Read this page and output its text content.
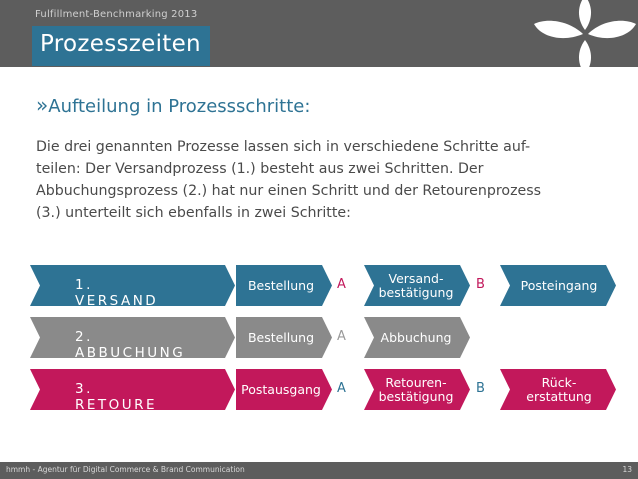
Fulfillment-Benchmarking 2013
Prozesszeiten
»Aufteilung in Prozessschritte:
Die drei genannten Prozesse lassen sich in verschiedene Schritte auf-
teilen: Der Versandprozess (1.) besteht aus zwei Schritten. Der
Abbuchungsprozess (2.) hat nur einen Schritt und der Retourenprozess
(3.) unterteilt sich ebenfalls in zwei Schritte:
1. VERSAND
Bestellung	A	Versand-
bestätigung	B	Posteingang
2. ABBUCHUNG
Bestellung	A	Abbuchung
3. RETOURE
Postausgang	A	Retouren-
bestätigung	B	Rück-
erstattung
hmmh - Agentur für Digital Commerce & Brand Communication	13
